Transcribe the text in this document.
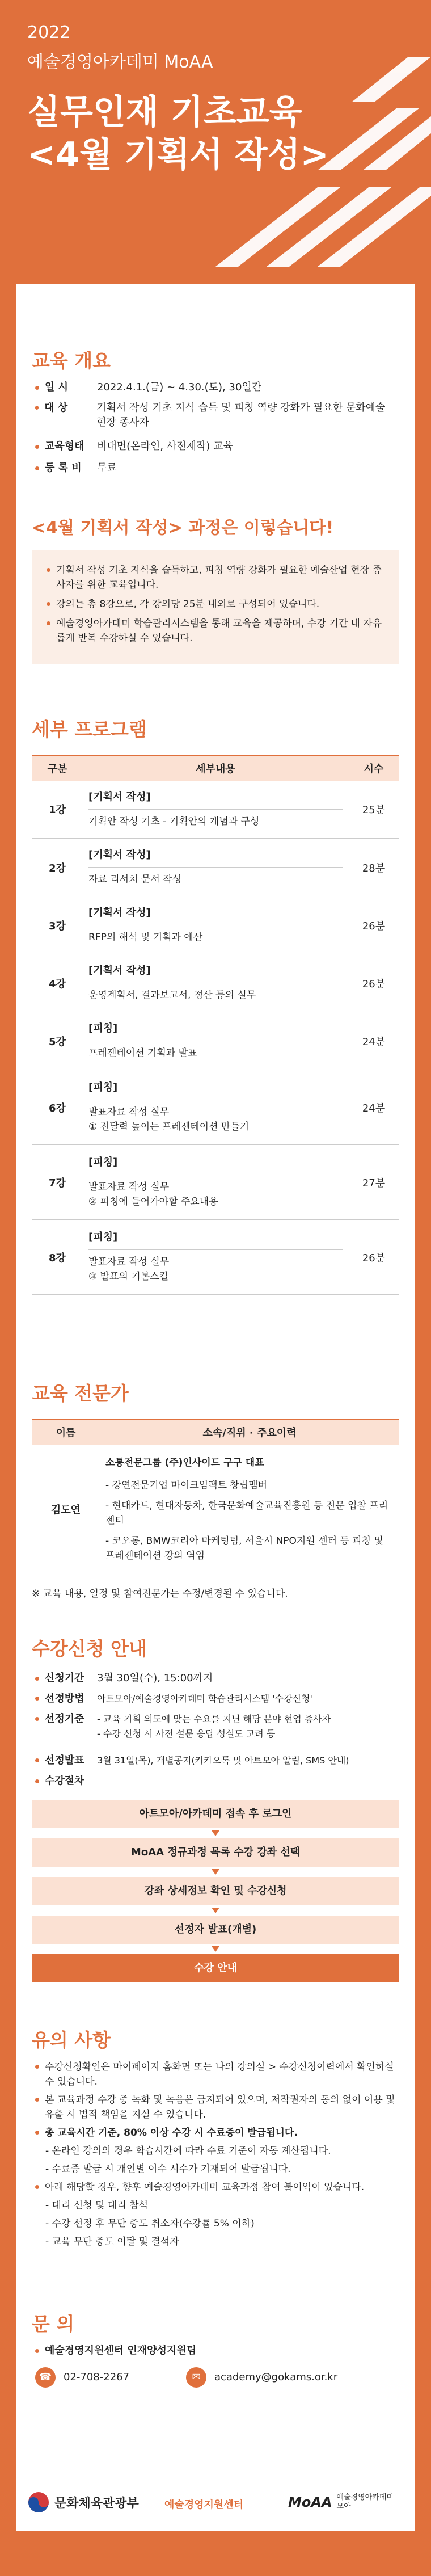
2022
예술경영아카데미 MoAA
실무인재 기초교육
<4월 기획서 작성>
교육 개요
일 시	2022.4.1.(금) ~ 4.30.(토), 30일간
대 상	기획서 작성 기초 지식 습득 및 피칭 역량 강화가 필요한 문화예술 현장 종사자
교육형태 비대면(온라인, 사전제작) 교육
등 록 비 무료
<4월 기획서 작성> 과정은 이렇습니다!
기획서 작성 기초 지식을 습득하고, 피칭 역량 강화가 필요한 예술산업 현장 종사자를 위한 교육입니다.
강의는 총 8강으로, 각 강의당 25분 내외로 구성되어 있습니다.
예술경영아카데미 학습관리시스템을 통해 교육을 제공하며, 수강 기간 내 자유롭게 반복 수강하실 수 있습니다.
세부 프로그램
구분	세부내용	시수
1강	[기획서 작성]
기획안 작성 기초 - 기획안의 개념과 구성	25분
2강	[기획서 작성]
자료 리서치 문서 작성	28분
3강	[기획서 작성]
RFP의 해석 및 기획과 예산	26분
4강	[기획서 작성]
운영계획서, 결과보고서, 정산 등의 실무	26분
5강	[피칭]
프레젠테이션 기획과 발표	24분
6강	[피칭]
발표자료 작성 실무
① 전달력 높이는 프레젠테이션 만들기	24분
7강	[피칭]
발표자료 작성 실무
② 피칭에 들어가야할 주요내용	27분
8강	[피칭]
발표자료 작성 실무
③ 발표의 기본스킬	26분
교육 전문가
이름	소속/직위 · 주요이력
김도연	소통전문그룹 (주)인사이드 구구 대표
- 강연전문기업 마이크임팩트 창립멤버
- 현대카드, 현대자동차, 한국문화예술교육진흥원 등 전문 입찰 프리젠터
- 코오롱, BMW코리아 마케팅팀, 서울시 NPO지원 센터 등 피칭 및 프레젠테이션 강의 역임
※ 교육 내용, 일정 및 참여전문가는 수정/변경될 수 있습니다.
수강신청 안내
신청기간 3월 30일(수), 15:00까지
선정방법	아트모아/예술경영아카데미 학습관리시스템 '수강신청'
선정기준	- 교육 기획 의도에 맞는 수요를 지닌 해당 분야 현업 종사자
- 수강 신청 시 사전 설문 응답 성실도 고려 등
선정발표	3월 31일(목), 개별공지(카카오톡 및 아트모아 알림, SMS 안내)
수강절차
아트모아/아카데미 접속 후 로그인
MoAA 정규과정 목록 수강 강좌 선택
강좌 상세정보 확인 및 수강신청
선정자 발표(개별)
수강 안내
유의 사항
수강신청확인은 마이페이지 홈화면 또는 나의 강의실 > 수강신청이력에서 확인하실 수 있습니다.
본 교육과정 수강 중 녹화 및 녹음은 금지되어 있으며, 저작권자의 동의 없이 이용 및 유출 시 법적 책임을 지실 수 있습니다.
총 교육시간 기준, 80% 이상 수강 시 수료증이 발급됩니다.
- 온라인 강의의 경우 학습시간에 따라 수료 기준이 자동 계산됩니다.
- 수료증 발급 시 개인별 이수 시수가 기재되어 발급됩니다.
아래 해당할 경우, 향후 예술경영아카데미 교육과정 참여 불이익이 있습니다.
- 대리 신청 및 대리 참석
- 수강 선정 후 무단 중도 취소자(수강률 5% 이하)
- 교육 무단 중도 이탈 및 결석자
문 의
예술경영지원센터 인재양성지원팀
☎	02-708-2267	✉	academy@gokams.or.kr
문화체육관광부	예술경영지원센터	MoAA 예술경영아카데미 모아
